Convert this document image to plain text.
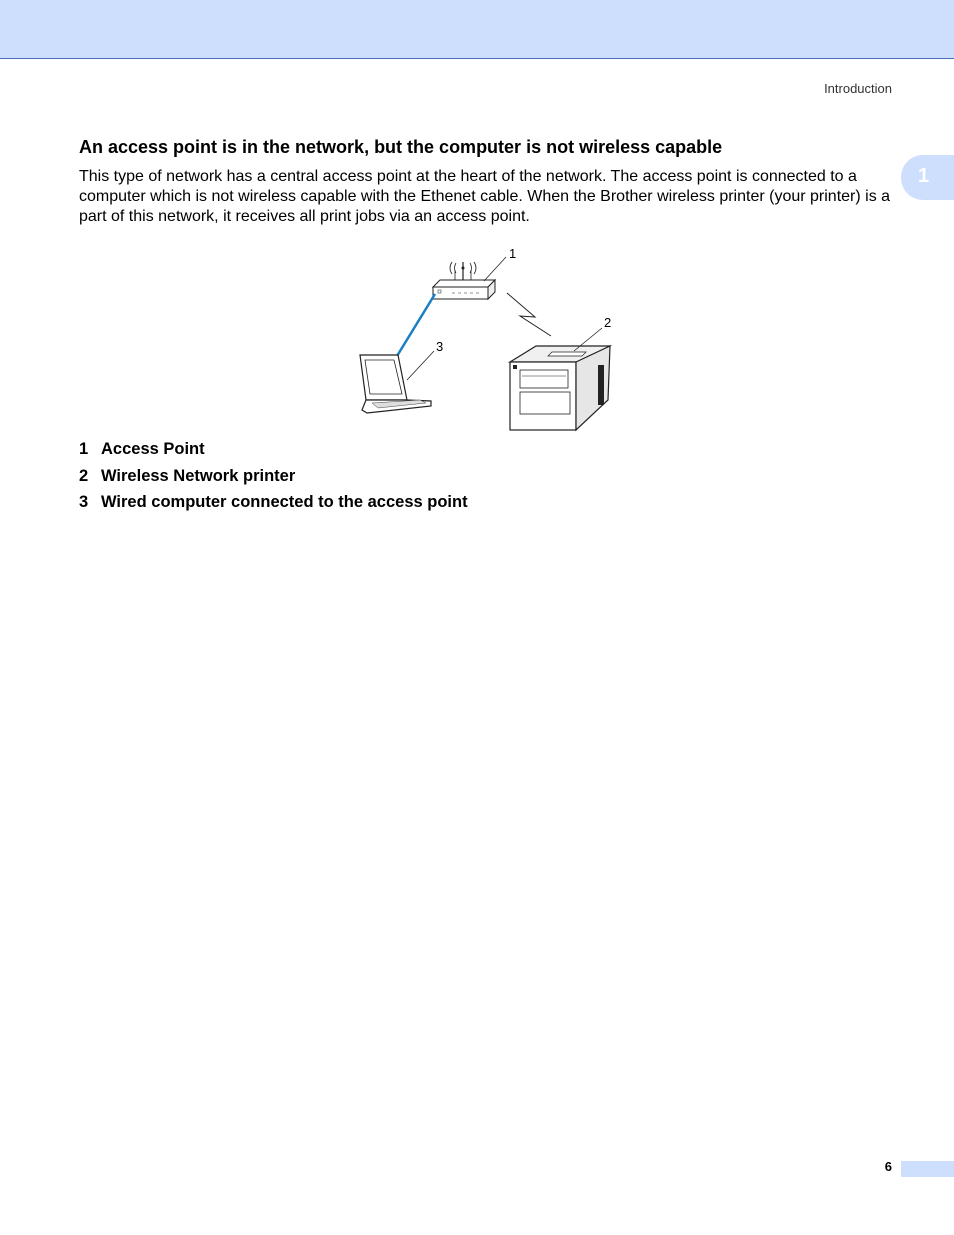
Introduction
1
An access point is in the network, but the computer is not wireless capable

This type of network has a central access point at the heart of the network. The access point is connected to a computer which is not wireless capable with the Ethenet cable. When the Brother wireless printer (your printer) is a part of this network, it receives all print jobs via an access point.

1
2
3
1 Access Point
2 Wireless Network printer
3 Wired computer connected to the access point
6
